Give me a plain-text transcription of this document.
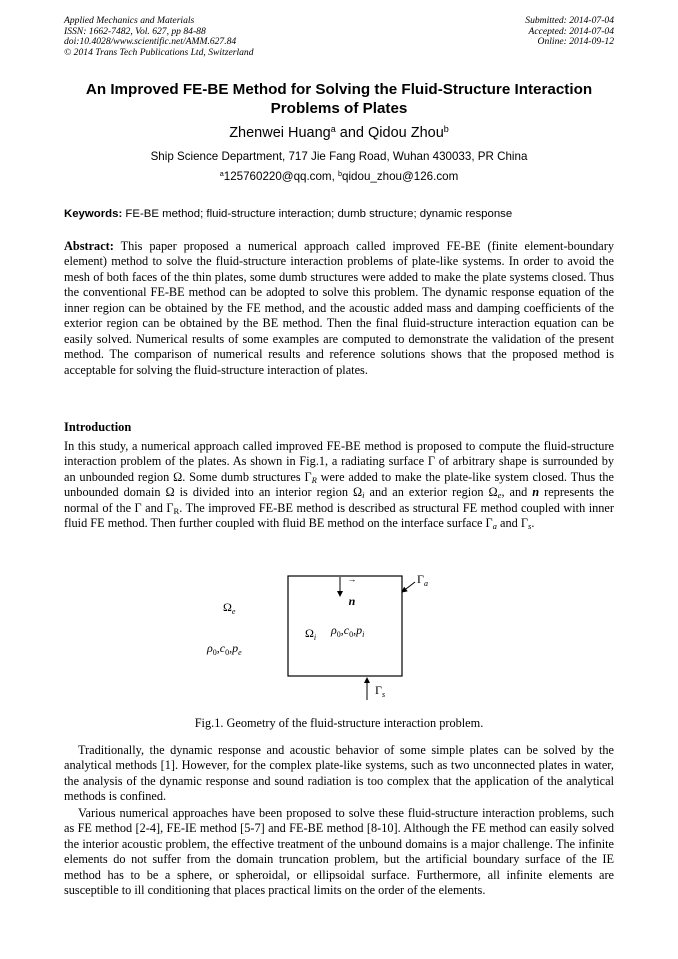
Applied Mechanics and Materials
ISSN: 1662-7482, Vol. 627, pp 84-88
doi:10.4028/www.scientific.net/AMM.627.84
© 2014 Trans Tech Publications Ltd, Switzerland
Submitted: 2014-07-04
Accepted: 2014-07-04
Online: 2014-09-12
An Improved FE-BE Method for Solving the Fluid-Structure Interaction Problems of Plates
Zhenwei Huang$^a$ and Qidou Zhou$^b$
Ship Science Department, 717 Jie Fang Road, Wuhan 430033, PR China
$^a$125760220@qq.com, $^b$qidou_zhou@126.com
Keywords: FE-BE method; fluid-structure interaction; dumb structure; dynamic response
Abstract: This paper proposed a numerical approach called improved FE-BE (finite element-boundary element) method to solve the fluid-structure interaction problems of plate-like systems. In order to avoid the mesh of both faces of the thin plates, some dumb structures were added to make the plate systems closed. Thus the conventional FE-BE method can be adopted to solve this problem. The dynamic response equation of the inner region can be obtained by the FE method, and the acoustic added mass and damping coefficients of the exterior region can be obtained by the BE method. Then the final fluid-structure interaction equation can be easily solved. Numerical results of some examples are computed to demonstrate the validation of the present method. The comparison of numerical results and reference solutions shows that the proposed method is acceptable for solving the fluid-structure interaction of plates.
Introduction
In this study, a numerical approach called improved FE-BE method is proposed to compute the fluid-structure interaction problem of the plates. As shown in Fig.1, a radiating surface Γ of arbitrary shape is surrounded by an unbounded region Ω. Some dumb structures $\Gamma_R$ were added to make the plate-like system closed. Thus the unbounded domain Ω is divided into an interior region $\Omega_i$ and an exterior region $\Omega_e$, and n represents the normal of the Γ and $\Gamma_R$. The improved FE-BE method is described as structural FE method coupled with inner fluid FE method. Then further coupled with fluid BE method on the interface surface $\Gamma_a$ and $\Gamma_s$.
→
n
$\Gamma_a$
$\Gamma_s$
$\Omega_e$
$\rho_0,c_0,p_e$
$\Omega_i$
$\rho_0,c_0,p_i$
Fig.1. Geometry of the fluid-structure interaction problem.
Traditionally, the dynamic response and acoustic behavior of some simple plates can be solved by the analytical methods [1]. However, for the complex plate-like systems, such as two unconnected plates in water, the analysis of the dynamic response and sound radiation is too complex that the application of the analytical methods is confined.
Various numerical approaches have been proposed to solve these fluid-structure interaction problems, such as FE method [2-4], FE-IE method [5-7] and FE-BE method [8-10]. Although the FE method can easily solved the interior acoustic problem, the effective treatment of the unbound domains is a major challenge. The infinite elements do not suffer from the domain truncation problem, but the artificial boundary surface of the IE method has to be a sphere, or spheroidal, or ellipsoidal surface. Furthermore, all infinite elements are susceptible to ill conditioning that places practical limits on the order of the elements.
